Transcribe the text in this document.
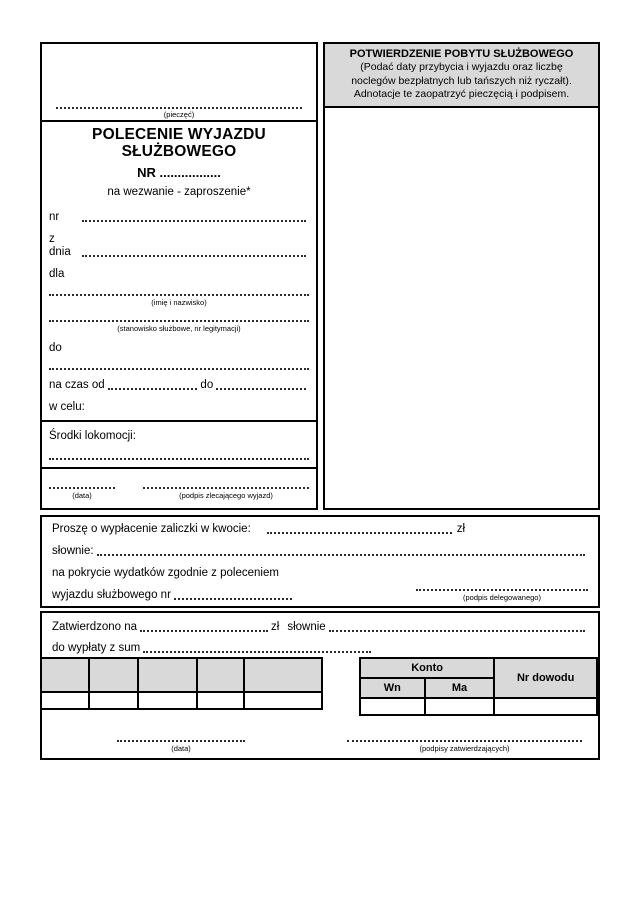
(pieczęć)
POLECENIE WYJAZDU SŁUŻBOWEGO
NR .................
na wezwanie - zaproszenie*
nr
z dnia
dla
(imię i nazwisko)
(stanowisko służbowe, nr legitymacji)
do
na czas od	do
w celu:
Środki lokomocji:
(data)	(podpis zlecającego wyjazd)
POTWIERDZENIE POBYTU SŁUŻBOWEGO
(Podać daty przybycia i wyjazdu oraz liczbę
noclegów bezpłatnych lub tańszych niż ryczałt).
Adnotacje te zaopatrzyć pieczęcią i podpisem.
Proszę o wypłacenie zaliczki w kwocie:	zł
słownie:
na pokrycie wydatków zgodnie z poleceniem
wyjazdu służbowego nr	(podpis delegowanego)
Zatwierdzono na	zł słownie
do wypłaty z sum

Konto		Nr dowodu
Wn	Ma	

(data)	(podpisy zatwierdzających)
